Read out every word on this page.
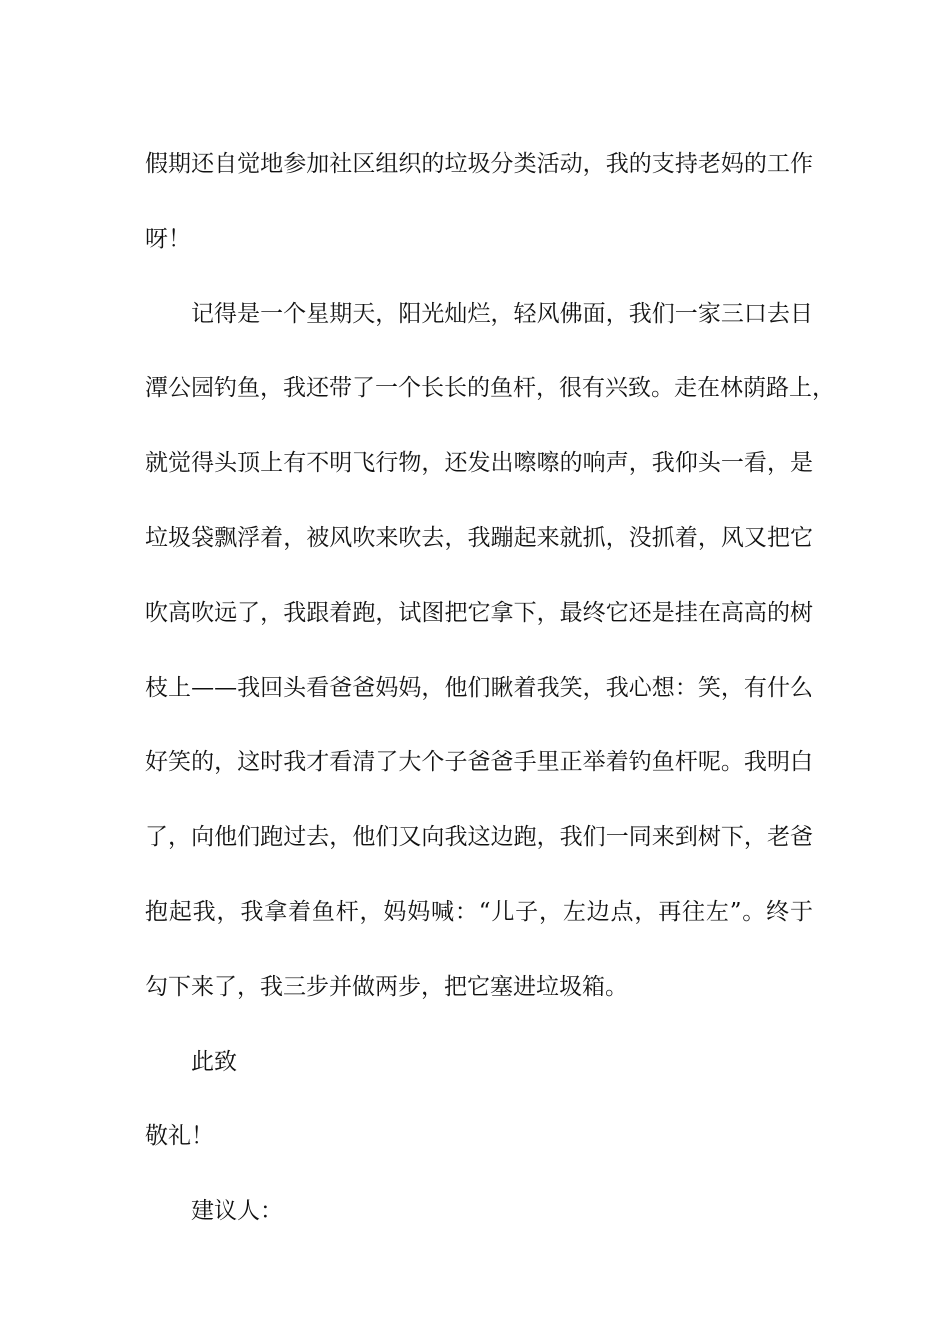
假期还自觉地参加社区组织的垃圾分类活动，我的支持老妈的工作
呀！
记得是一个星期天，阳光灿烂，轻风佛面，我们一家三口去日
潭公园钓鱼，我还带了一个长长的鱼杆，很有兴致。走在林荫路上，
就觉得头顶上有不明飞行物，还发出嚓嚓的响声，我仰头一看，是
垃圾袋飘浮着，被风吹来吹去，我蹦起来就抓，没抓着，风又把它
吹高吹远了，我跟着跑，试图把它拿下，最终它还是挂在高高的树
枝上——我回头看爸爸妈妈，他们瞅着我笑，我心想：笑，有什么
好笑的，这时我才看清了大个子爸爸手里正举着钓鱼杆呢。我明白
了，向他们跑过去，他们又向我这边跑，我们一同来到树下，老爸
抱起我，我拿着鱼杆，妈妈喊：“儿子，左边点，再往左”。终于
勾下来了，我三步并做两步，把它塞进垃圾箱。
此致
敬礼！
建议人：
